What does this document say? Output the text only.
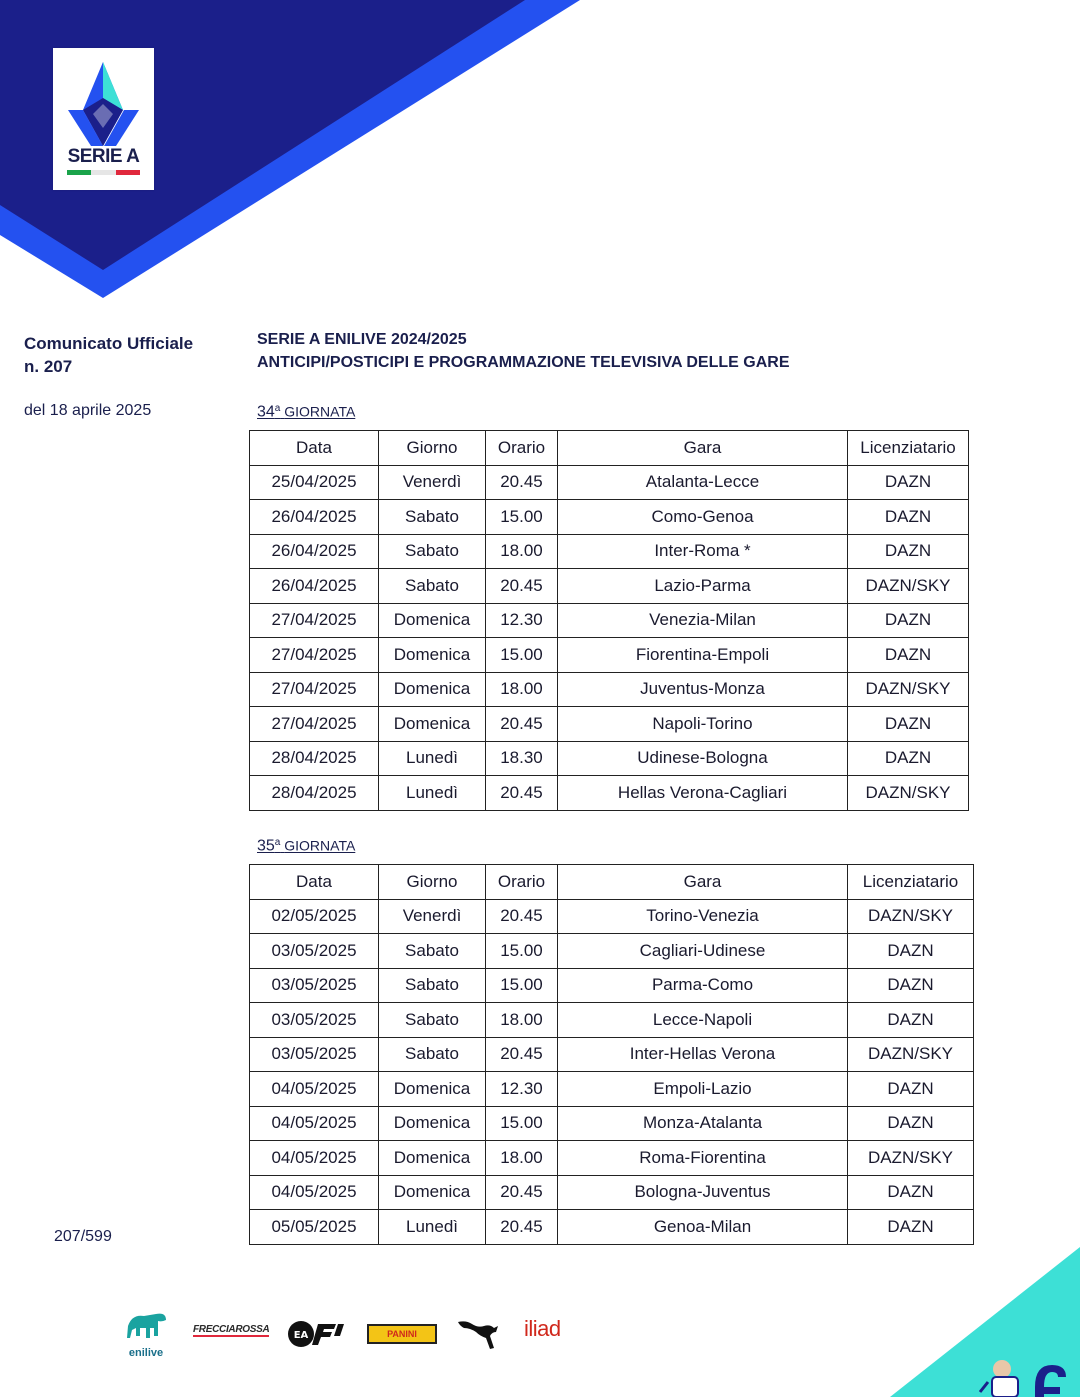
SERIE A
Comunicato Ufficiale
n. 207
del 18 aprile 2025
207/599
SERIE A ENILIVE 2024/2025
ANTICIPI/POSTICIPI E PROGRAMMAZIONE TELEVISIVA DELLE GARE
34$^a$ GIORNATA
Data	Giorno	Orario	Gara	Licenziatario
25/04/2025	Venerdì	20.45	Atalanta-Lecce	DAZN
26/04/2025	Sabato	15.00	Como-Genoa	DAZN
26/04/2025	Sabato	18.00	Inter-Roma *	DAZN
26/04/2025	Sabato	20.45	Lazio-Parma	DAZN/SKY
27/04/2025	Domenica	12.30	Venezia-Milan	DAZN
27/04/2025	Domenica	15.00	Fiorentina-Empoli	DAZN
27/04/2025	Domenica	18.00	Juventus-Monza	DAZN/SKY
27/04/2025	Domenica	20.45	Napoli-Torino	DAZN
28/04/2025	Lunedì	18.30	Udinese-Bologna	DAZN
28/04/2025	Lunedì	20.45	Hellas Verona-Cagliari	DAZN/SKY
35$^a$ GIORNATA
Data	Giorno	Orario	Gara	Licenziatario
02/05/2025	Venerdì	20.45	Torino-Venezia	DAZN/SKY
03/05/2025	Sabato	15.00	Cagliari-Udinese	DAZN
03/05/2025	Sabato	15.00	Parma-Como	DAZN
03/05/2025	Sabato	18.00	Lecce-Napoli	DAZN
03/05/2025	Sabato	20.45	Inter-Hellas Verona	DAZN/SKY
04/05/2025	Domenica	12.30	Empoli-Lazio	DAZN
04/05/2025	Domenica	15.00	Monza-Atalanta	DAZN
04/05/2025	Domenica	18.00	Roma-Fiorentina	DAZN/SKY
04/05/2025	Domenica	20.45	Bologna-Juventus	DAZN
05/05/2025	Lunedì	20.45	Genoa-Milan	DAZN
enilive
FRECCIAROSSA
EA	PANINI	iliad
